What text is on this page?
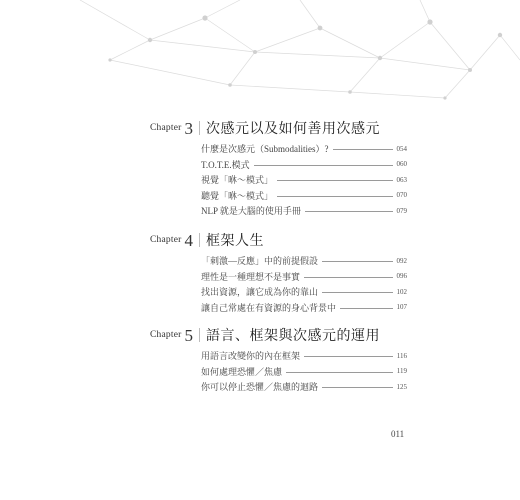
Chapter 3 次感元以及如何善用次感元
什麼是次感元（Submodalities）?	054
T.O.T.E.模式	060
視覺「咻～模式」	063
聽覺「咻～模式」	070
NLP 就是大腦的使用手冊	079
Chapter 4 框架人生
「刺激—反應」中的前提假設	092
理性是一種理想不是事實	096
找出資源，讓它成為你的靠山	102
讓自己常處在有資源的身心背景中	107
Chapter 5 語言、框架與次感元的運用
用語言改變你的內在框架	116
如何處理恐懼／焦慮	119
你可以停止恐懼／焦慮的迴路	125
011
